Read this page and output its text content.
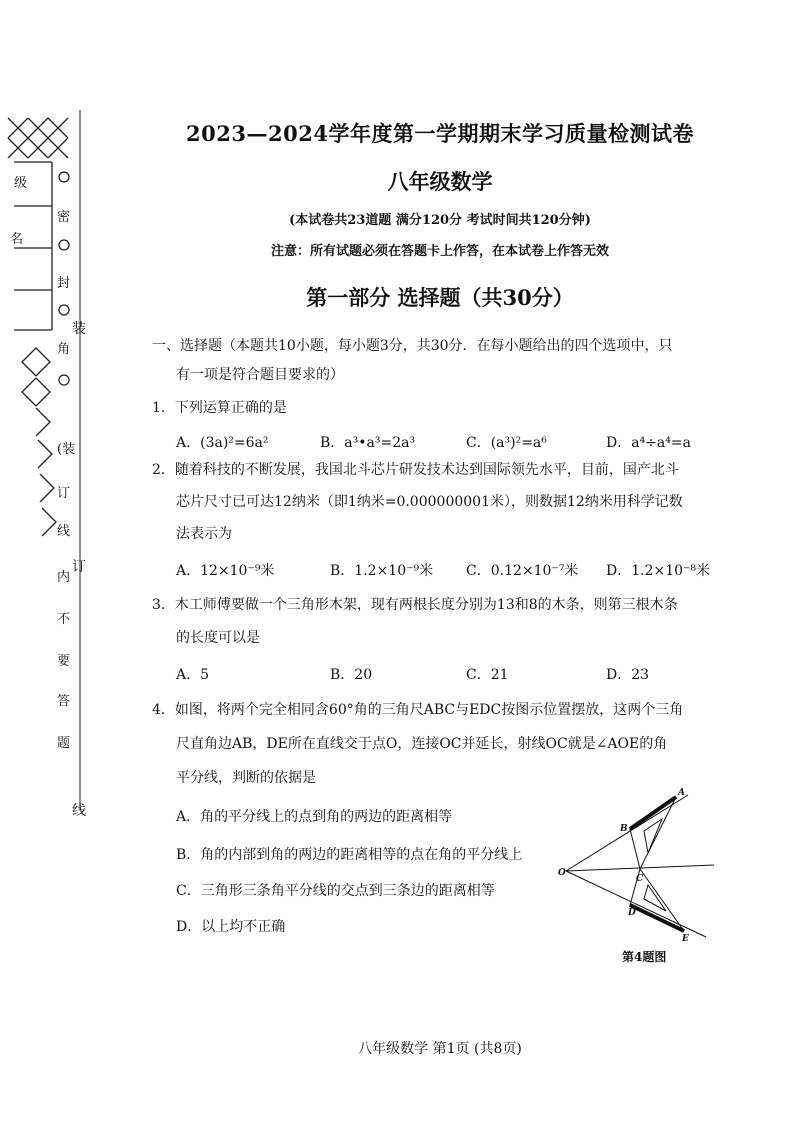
级
名
密
封
角
(装
订
线
内
不
要
答
题
装
订
线
2023—2024学年度第一学期期末学习质量检测试卷
八年级数学
(本试卷共23道题 满分120分 考试时间共120分钟)
注意：所有试题必须在答题卡上作答，在本试卷上作答无效
第一部分 选择题（共30分）
一、选择题（本题共10小题，每小题3分，共30分．在每小题给出的四个选项中，只
有一项是符合题目要求的）
1．下列运算正确的是
A．(3a)²=6a²	B．a³•a³=2a³	C．(a³)²=a⁶	D．a⁴÷a⁴=a
2．随着科技的不断发展，我国北斗芯片研发技术达到国际领先水平，目前，国产北斗
芯片尺寸已可达12纳米（即1纳米=0.000000001米），则数据12纳米用科学记数
法表示为
A．12×10⁻⁹米	B．1.2×10⁻⁹米 C．0.12×10⁻⁷米 D．1.2×10⁻⁸米
3．木工师傅要做一个三角形木架，现有两根长度分别为13和8的木条，则第三根木条
的长度可以是
A．5	B．20	C．21	D．23
4．如图，将两个完全相同含60°角的三角尺ABC与EDC按图示位置摆放，这两个三角
尺直角边AB，DE所在直线交于点O，连接OC并延长，射线OC就是∠AOE的角
平分线，判断的依据是
A．角的平分线上的点到角的两边的距离相等
B．角的内部到角的两边的距离相等的点在角的平分线上
C．三角形三条角平分线的交点到三条边的距离相等
D．以上均不正确
A
B
C
D
E
O
第4题图
八年级数学 第1页 (共8页)
